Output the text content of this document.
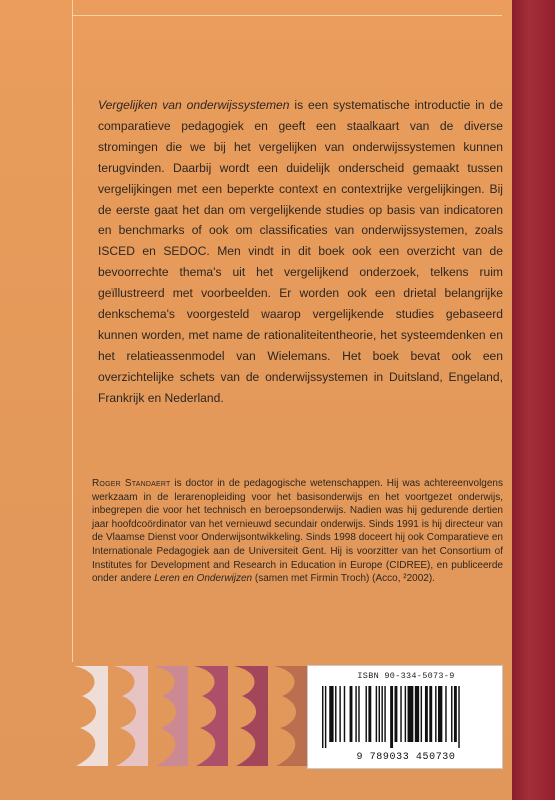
Vergelijken van onderwijssystemen is een systematische introductie in de comparatieve pedagogiek en geeft een staalkaart van de diverse stromingen die we bij het vergelijken van onderwijssystemen kunnen terugvinden. Daarbij wordt een duidelijk onderscheid gemaakt tussen vergelijkingen met een beperkte context en contextrijke vergelijkingen. Bij de eerste gaat het dan om vergelijkende studies op basis van indicatoren en benchmarks of ook om classificaties van onderwijssystemen, zoals ISCED en SEDOC. Men vindt in dit boek ook een overzicht van de bevoorrechte thema's uit het vergelijkend onderzoek, telkens ruim geïllustreerd met voorbeelden. Er worden ook een drietal belangrijke denkschema's voorgesteld waarop vergelijkende studies gebaseerd kunnen worden, met name de rationaliteitentheorie, het systeemdenken en het relatieassenmodel van Wielemans. Het boek bevat ook een overzichtelijke schets van de onderwijssystemen in Duitsland, Engeland, Frankrijk en Nederland.

Roger Standaert is doctor in de pedagogische wetenschappen. Hij was achtereenvolgens werkzaam in de lerarenopleiding voor het basisonderwijs en het voortgezet onderwijs, inbegrepen die voor het technisch en beroepsonderwijs. Nadien was hij gedurende dertien jaar hoofdcoördinator van het vernieuwd secundair onderwijs. Sinds 1991 is hij directeur van de Vlaamse Dienst voor Onderwijsontwikkeling. Sinds 1998 doceert hij ook Comparatieve en Internationale Pedagogiek aan de Universiteit Gent. Hij is voorzitter van het Consortium of Institutes for Development and Research in Education in Europe (CIDREE), en publiceerde onder andere Leren en Onderwijzen (samen met Firmin Troch) (Acco, ²2002).

ISBN 90-334-5073-9
9 789033 450730
